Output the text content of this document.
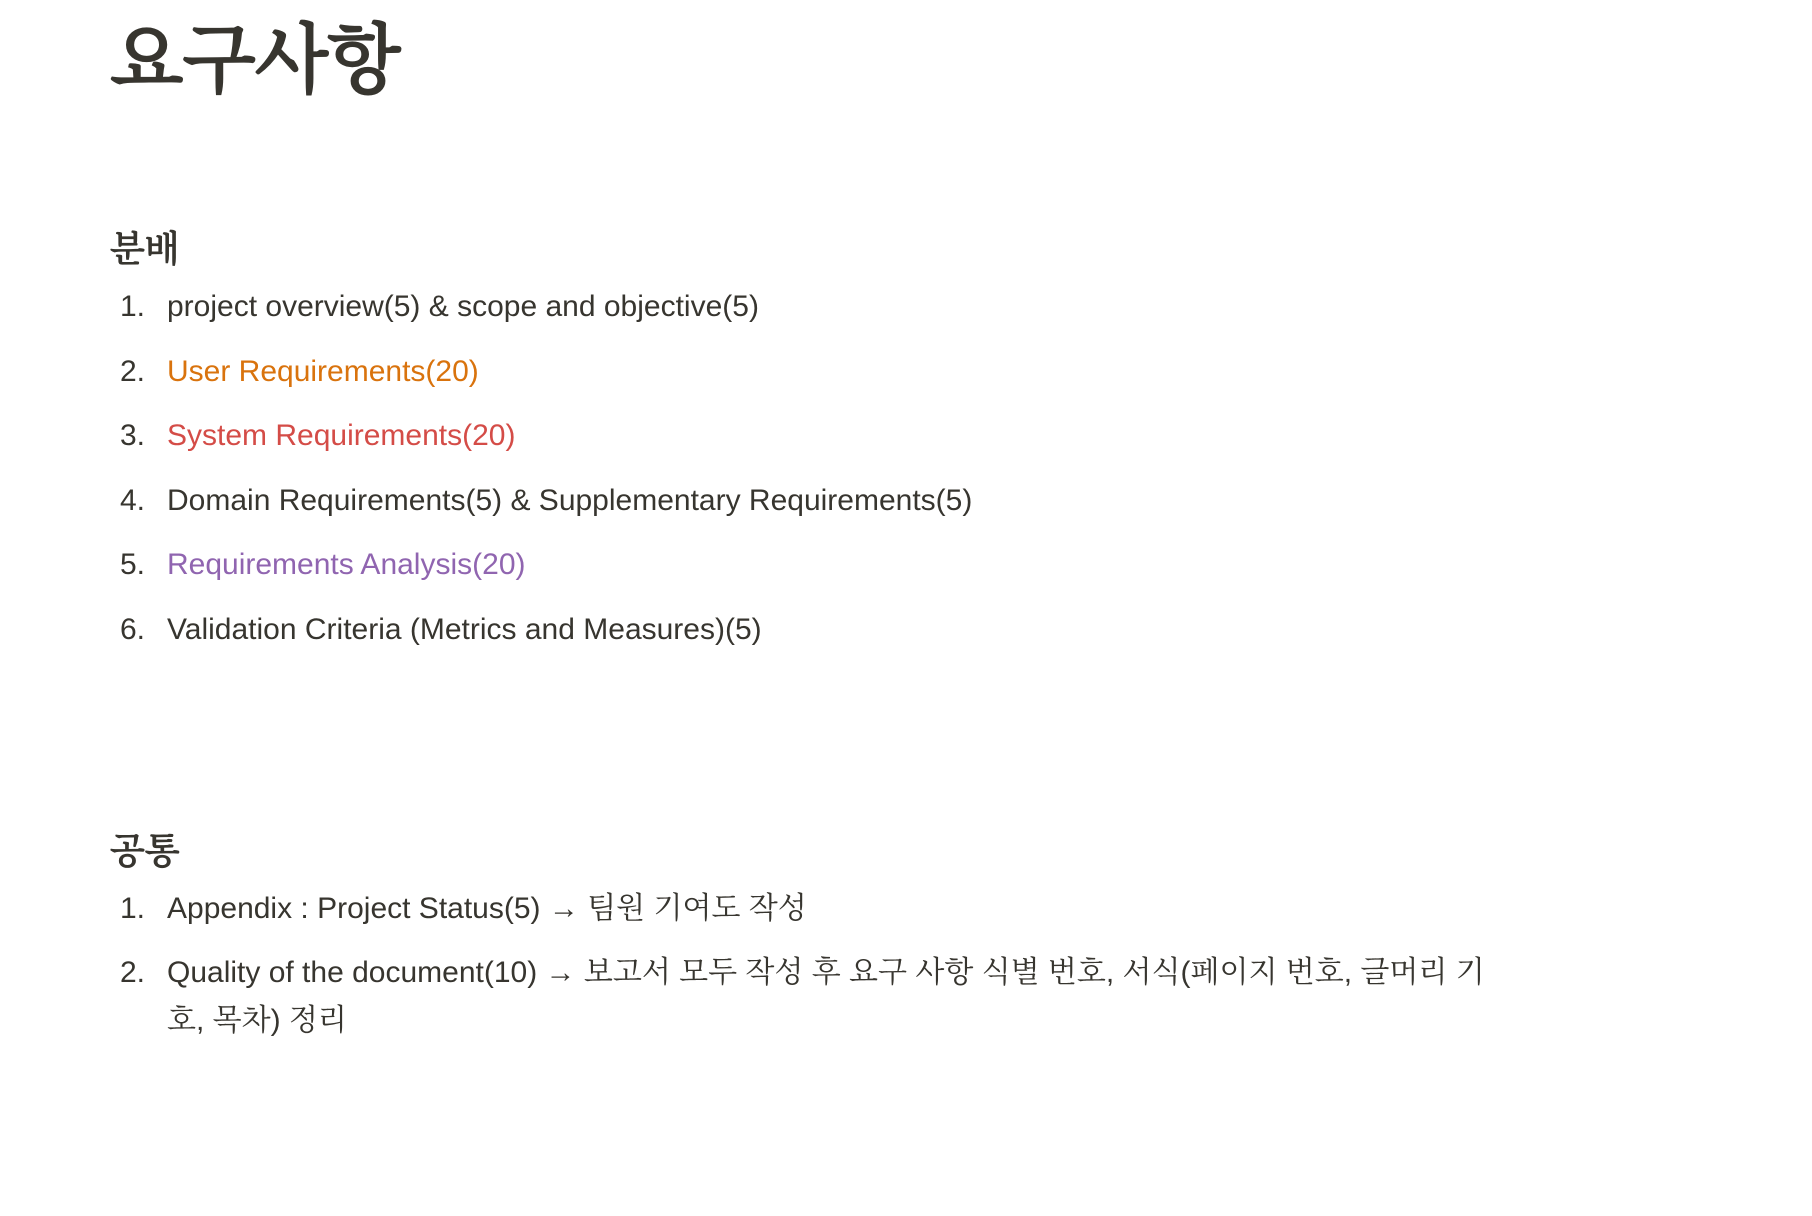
요구사항
분배
1. project overview(5) & scope and objective(5)
2. User Requirements(20)
3. System Requirements(20)
4. Domain Requirements(5) & Supplementary Requirements(5)
5. Requirements Analysis(20)
6. Validation Criteria (Metrics and Measures)(5)
공통
1. Appendix : Project Status(5) → 팀원 기여도 작성
2. Quality of the document(10) → 보고서 모두 작성 후 요구 사항 식별 번호, 서식(페이지 번호, 글머리 기호, 목차) 정리
